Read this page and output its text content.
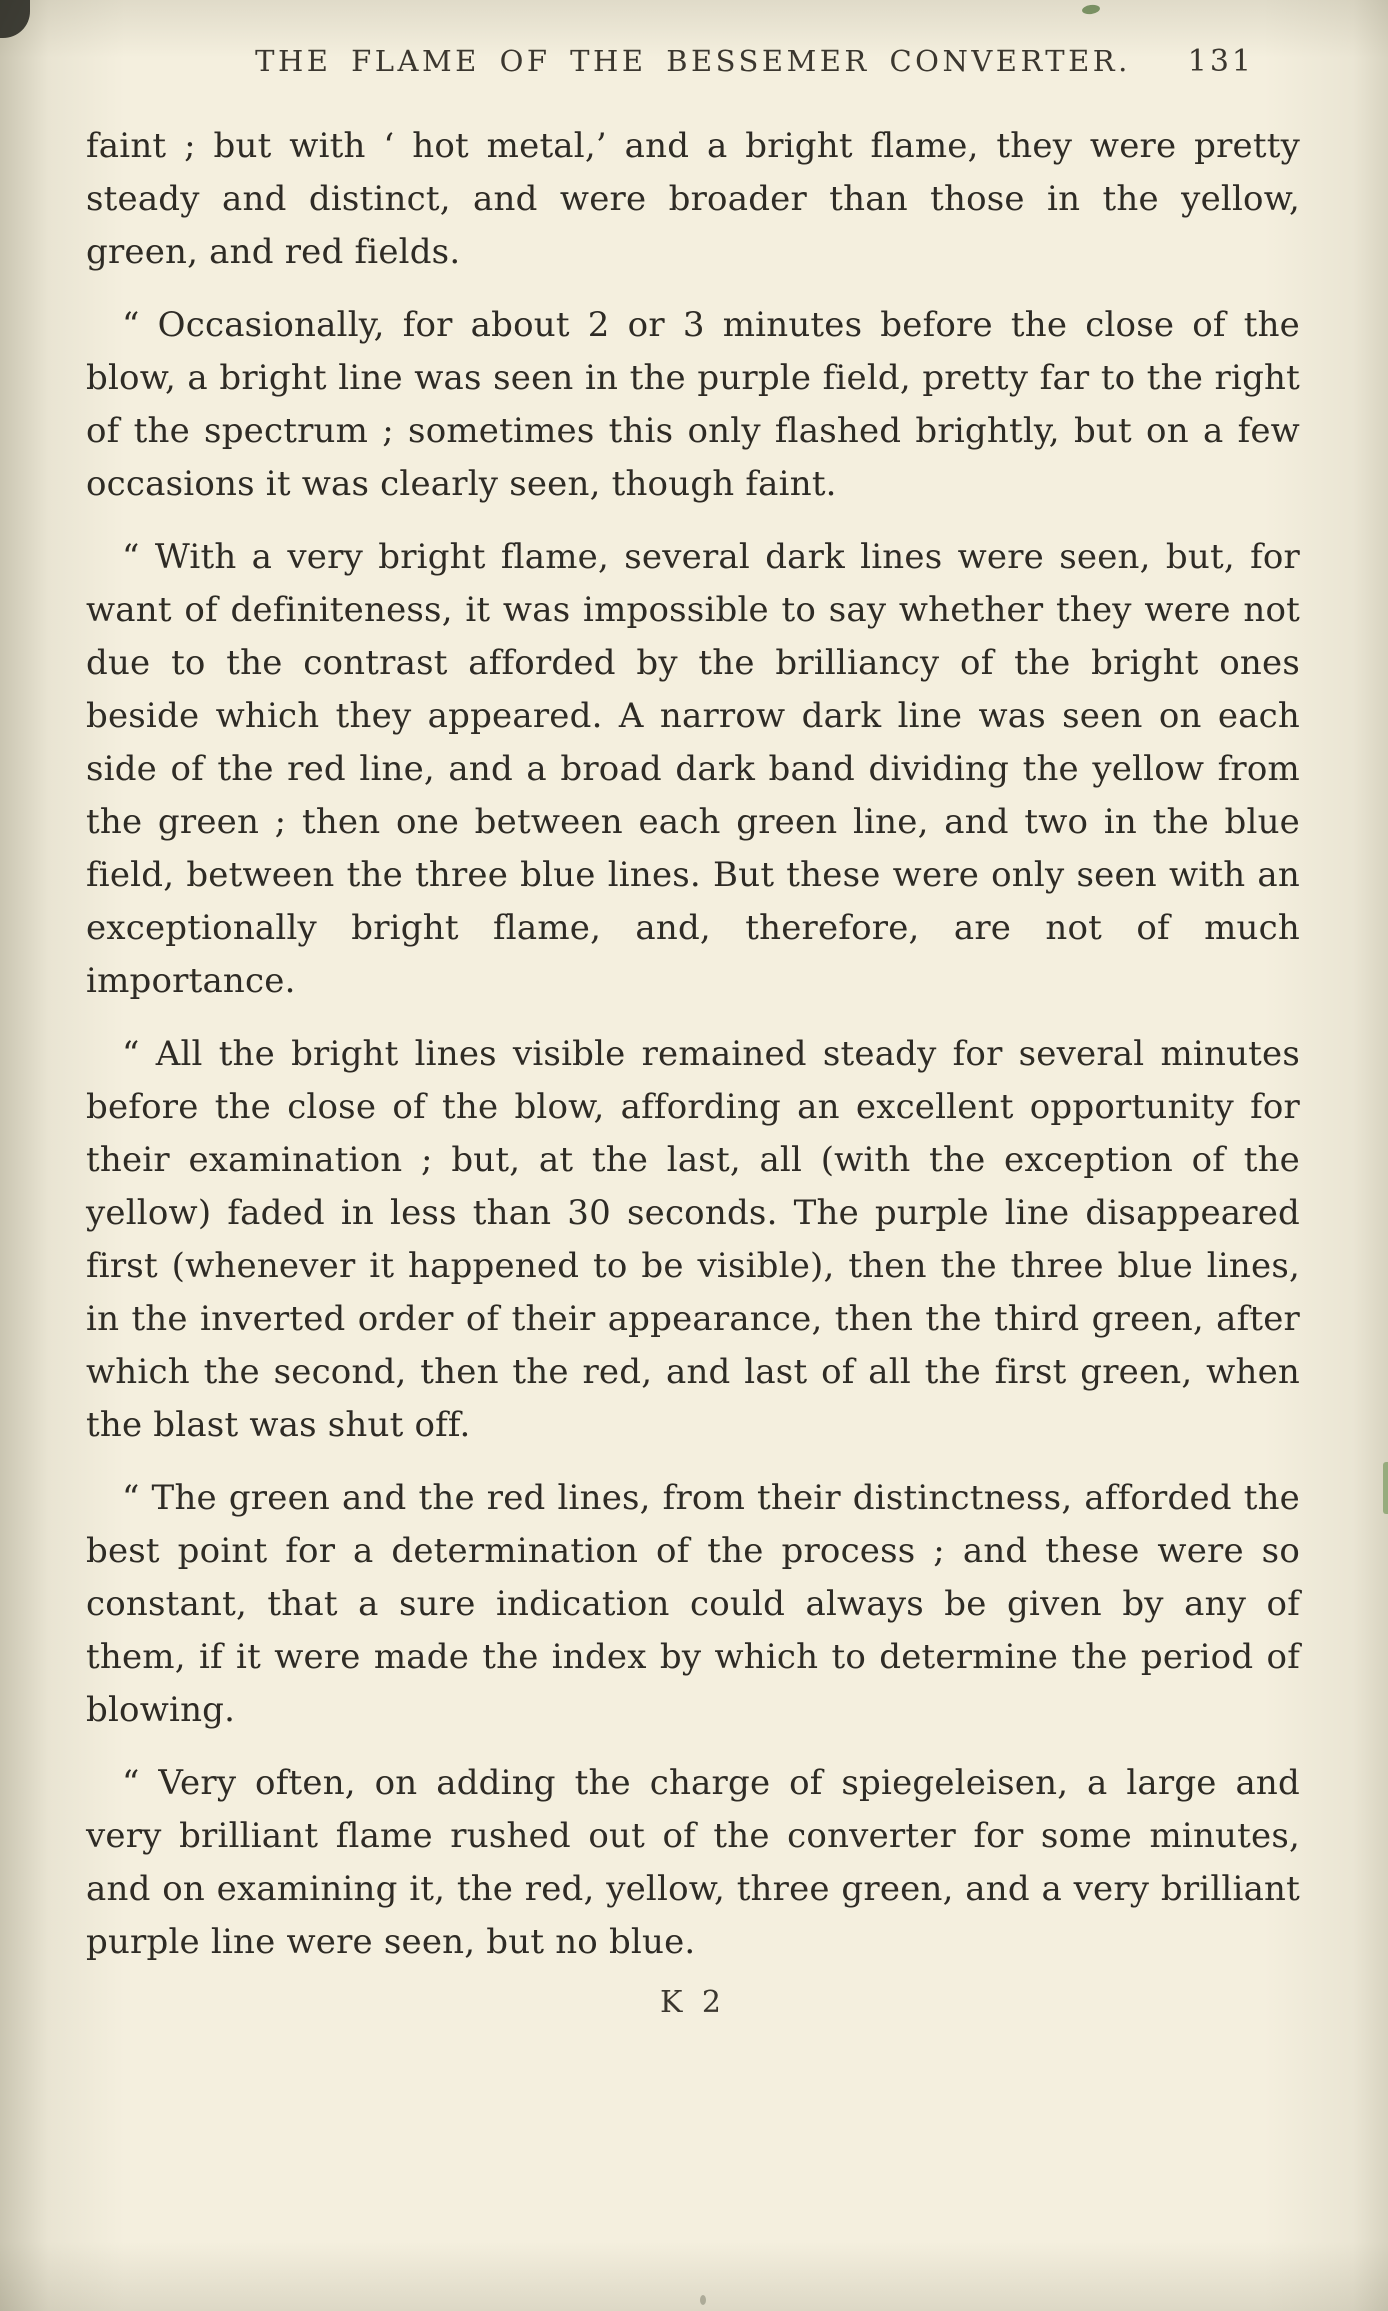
THE FLAME OF THE BESSEMER CONVERTER.	131

faint ; but with ‘ hot metal,’ and a bright flame, they were pretty steady and distinct, and were broader than those in the yellow, green, and red fields.

“ Occasionally, for about 2 or 3 minutes before the close of the blow, a bright line was seen in the purple field, pretty far to the right of the spectrum ; sometimes this only flashed brightly, but on a few occasions it was clearly seen, though faint.

“ With a very bright flame, several dark lines were seen, but, for want of definiteness, it was impossible to say whether they were not due to the contrast afforded by the brilliancy of the bright ones beside which they appeared. A narrow dark line was seen on each side of the red line, and a broad dark band dividing the yellow from the green ; then one between each green line, and two in the blue field, between the three blue lines. But these were only seen with an exceptionally bright flame, and, therefore, are not of much importance.

“ All the bright lines visible remained steady for several minutes before the close of the blow, affording an excellent opportunity for their examination ; but, at the last, all (with the exception of the yellow) faded in less than 30 seconds. The purple line disappeared first (whenever it happened to be visible), then the three blue lines, in the inverted order of their appearance, then the third green, after which the second, then the red, and last of all the first green, when the blast was shut off.

“ The green and the red lines, from their distinctness, afforded the best point for a determination of the process ; and these were so constant, that a sure indication could always be given by any of them, if it were made the index by which to determine the period of blowing.

“ Very often, on adding the charge of spiegeleisen, a large and very brilliant flame rushed out of the converter for some minutes, and on examining it, the red, yellow, three green, and a very brilliant purple line were seen, but no blue.

K 2
